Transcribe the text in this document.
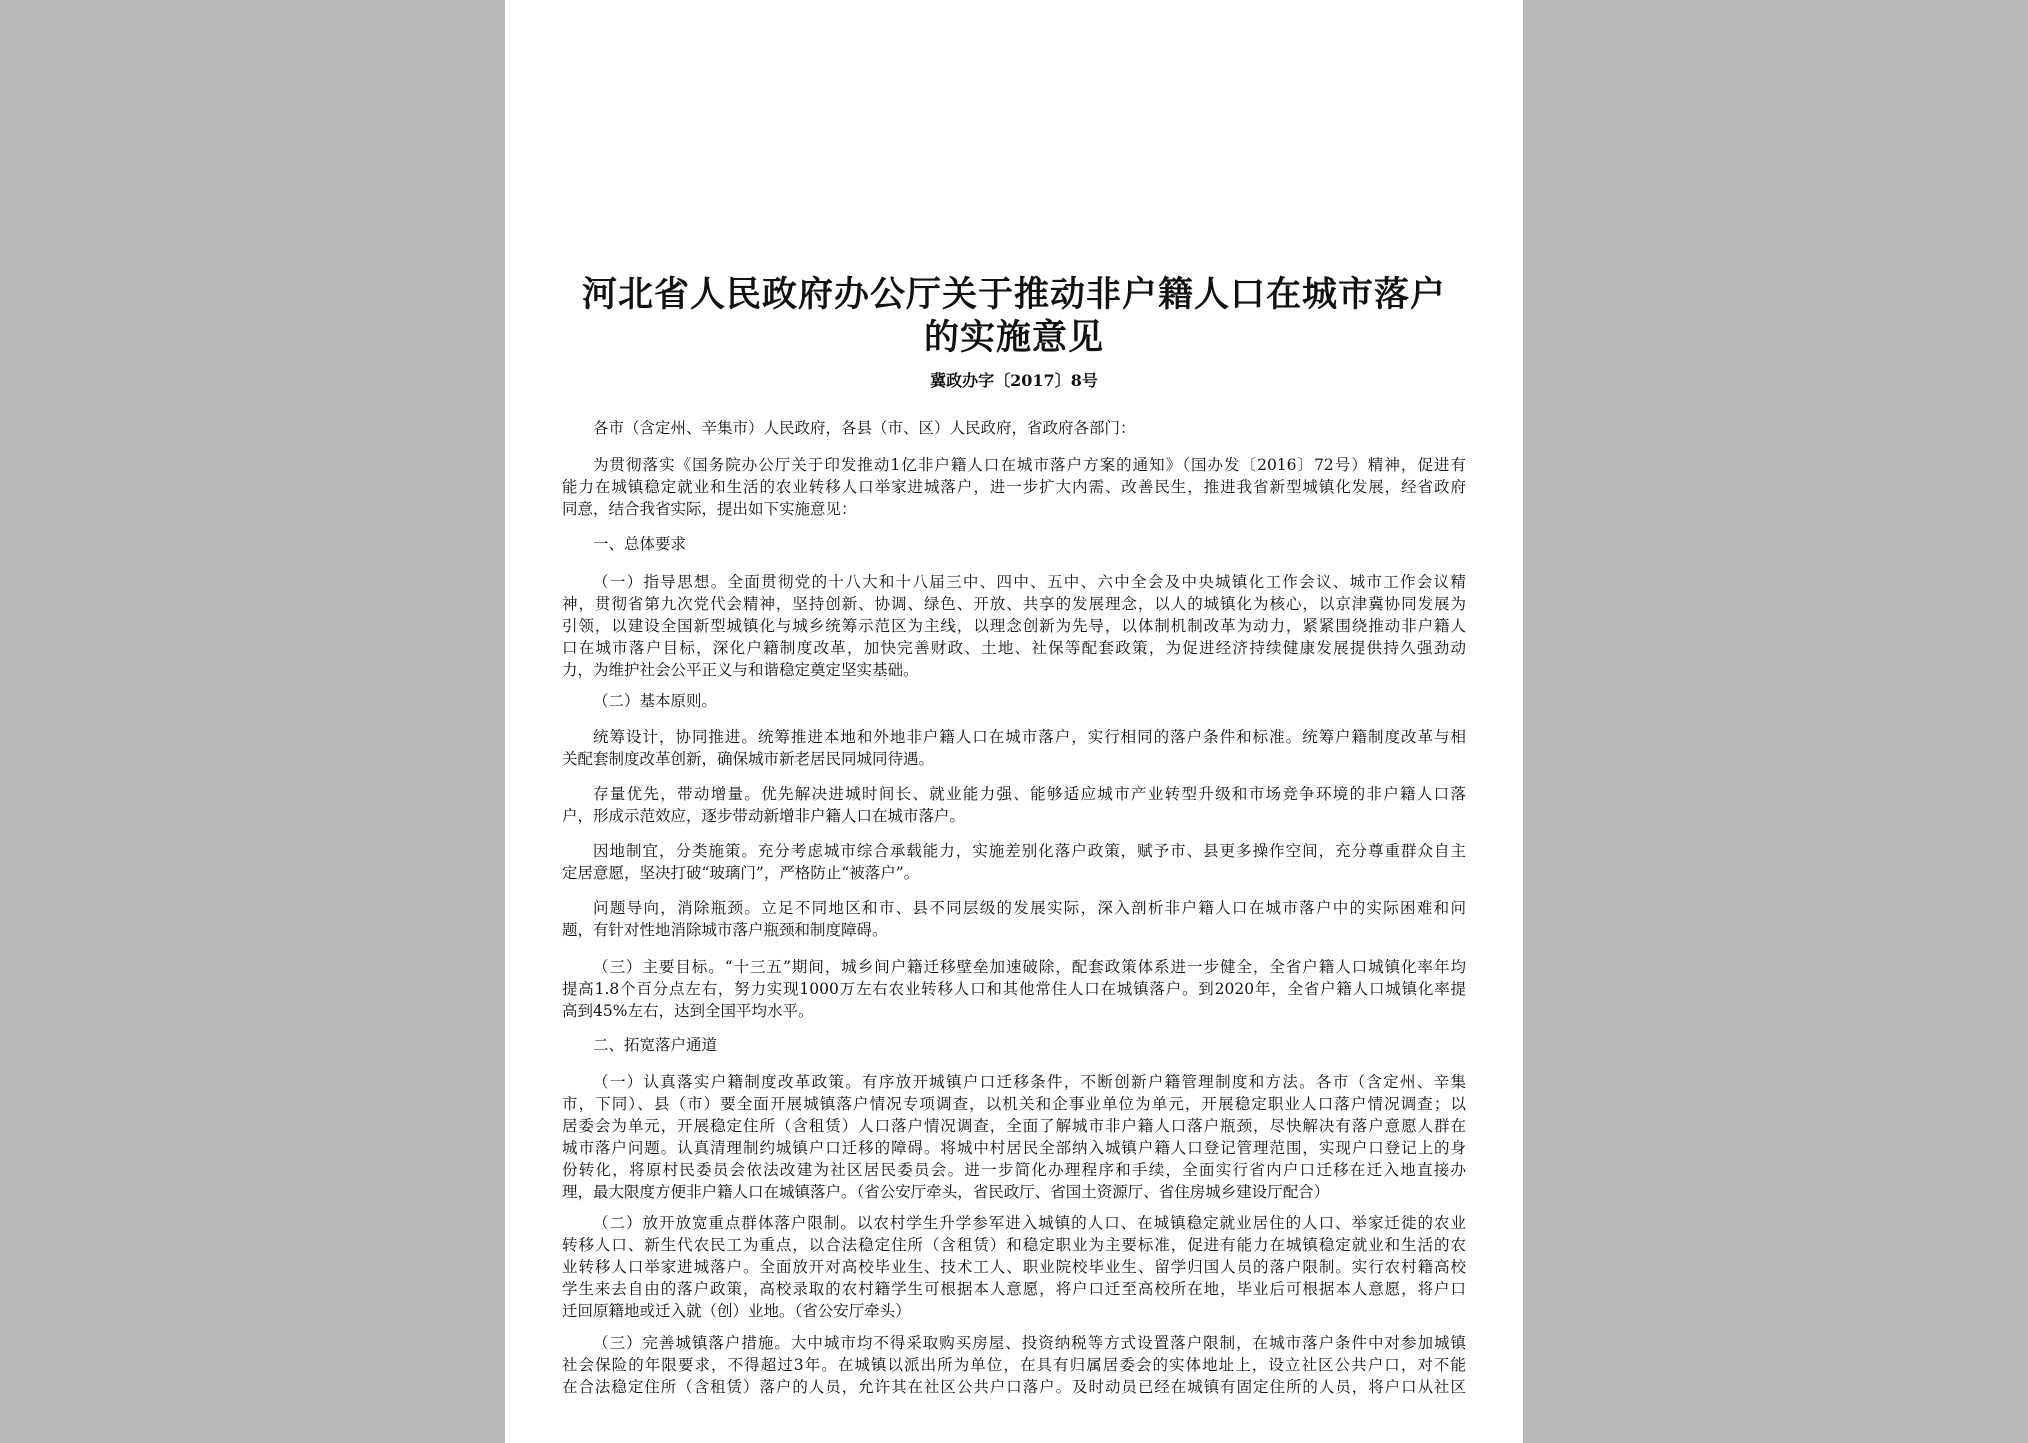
河北省人民政府办公厅关于推动非户籍人口在城市落户
的实施意见
冀政办字〔2017〕8号

各市（含定州、辛集市）人民政府，各县（市、区）人民政府，省政府各部门：

为贯彻落实《国务院办公厅关于印发推动1亿非户籍人口在城市落户方案的通知》（国办发〔2016〕72号）精神，促进有
能力在城镇稳定就业和生活的农业转移人口举家进城落户，进一步扩大内需、改善民生，推进我省新型城镇化发展，经省政府
同意，结合我省实际，提出如下实施意见：

一、总体要求

（一）指导思想。全面贯彻党的十八大和十八届三中、四中、五中、六中全会及中央城镇化工作会议、城市工作会议精
神，贯彻省第九次党代会精神，坚持创新、协调、绿色、开放、共享的发展理念，以人的城镇化为核心，以京津冀协同发展为
引领，以建设全国新型城镇化与城乡统筹示范区为主线，以理念创新为先导，以体制机制改革为动力，紧紧围绕推动非户籍人
口在城市落户目标，深化户籍制度改革，加快完善财政、土地、社保等配套政策，为促进经济持续健康发展提供持久强劲动
力，为维护社会公平正义与和谐稳定奠定坚实基础。

（二）基本原则。

统筹设计，协同推进。统筹推进本地和外地非户籍人口在城市落户，实行相同的落户条件和标准。统筹户籍制度改革与相
关配套制度改革创新，确保城市新老居民同城同待遇。
存量优先，带动增量。优先解决进城时间长、就业能力强、能够适应城市产业转型升级和市场竞争环境的非户籍人口落
户，形成示范效应，逐步带动新增非户籍人口在城市落户。
因地制宜，分类施策。充分考虑城市综合承载能力，实施差别化落户政策，赋予市、县更多操作空间，充分尊重群众自主
定居意愿，坚决打破“玻璃门”，严格防止“被落户”。
问题导向，消除瓶颈。立足不同地区和市、县不同层级的发展实际，深入剖析非户籍人口在城市落户中的实际困难和问
题，有针对性地消除城市落户瓶颈和制度障碍。
（三）主要目标。“十三五”期间，城乡间户籍迁移壁垒加速破除，配套政策体系进一步健全，全省户籍人口城镇化率年均
提高1.8个百分点左右，努力实现1000万左右农业转移人口和其他常住人口在城镇落户。到2020年，全省户籍人口城镇化率提
高到45%左右，达到全国平均水平。

二、拓宽落户通道

（一）认真落实户籍制度改革政策。有序放开城镇户口迁移条件，不断创新户籍管理制度和方法。各市（含定州、辛集
市，下同）、县（市）要全面开展城镇落户情况专项调查，以机关和企事业单位为单元，开展稳定职业人口落户情况调查；以
居委会为单元，开展稳定住所（含租赁）人口落户情况调查，全面了解城市非户籍人口落户瓶颈，尽快解决有落户意愿人群在
城市落户问题。认真清理制约城镇户口迁移的障碍。将城中村居民全部纳入城镇户籍人口登记管理范围，实现户口登记上的身
份转化，将原村民委员会依法改建为社区居民委员会。进一步简化办理程序和手续，全面实行省内户口迁移在迁入地直接办
理，最大限度方便非户籍人口在城镇落户。（省公安厅牵头，省民政厅、省国土资源厅、省住房城乡建设厅配合）
（二）放开放宽重点群体落户限制。以农村学生升学参军进入城镇的人口、在城镇稳定就业居住的人口、举家迁徙的农业
转移人口、新生代农民工为重点，以合法稳定住所（含租赁）和稳定职业为主要标准，促进有能力在城镇稳定就业和生活的农
业转移人口举家进城落户。全面放开对高校毕业生、技术工人、职业院校毕业生、留学归国人员的落户限制。实行农村籍高校
学生来去自由的落户政策，高校录取的农村籍学生可根据本人意愿，将户口迁至高校所在地，毕业后可根据本人意愿，将户口
迁回原籍地或迁入就（创）业地。（省公安厅牵头）
（三）完善城镇落户措施。大中城市均不得采取购买房屋、投资纳税等方式设置落户限制，在城市落户条件中对参加城镇
社会保险的年限要求，不得超过3年。在城镇以派出所为单位，在具有归属居委会的实体地址上，设立社区公共户口，对不能
在合法稳定住所（含租赁）落户的人员，允许其在社区公共户口落户。及时动员已经在城镇有固定住所的人员，将户口从社区
